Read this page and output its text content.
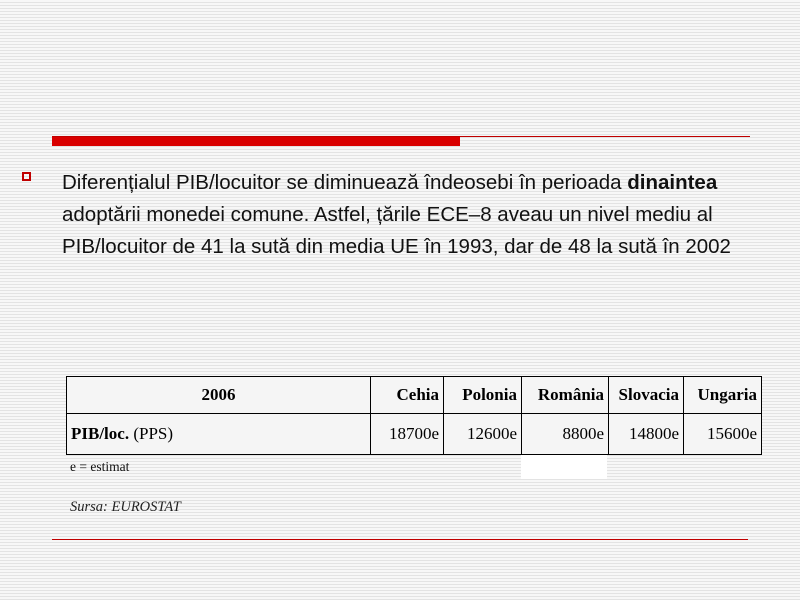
Diferențialul PIB/locuitor se diminuează îndeosebi în perioada dinaintea adoptării monedei comune. Astfel, țările ECE–8 aveau un nivel mediu al PIB/locuitor de 41 la sută din media UE în 1993, dar de 48 la sută în 2002
2006	Cehia	Polonia	România	Slovacia	Ungaria
PIB/loc. (PPS)	18700e	12600e	8800e	14800e	15600e
e = estimat
Sursa: EUROSTAT
